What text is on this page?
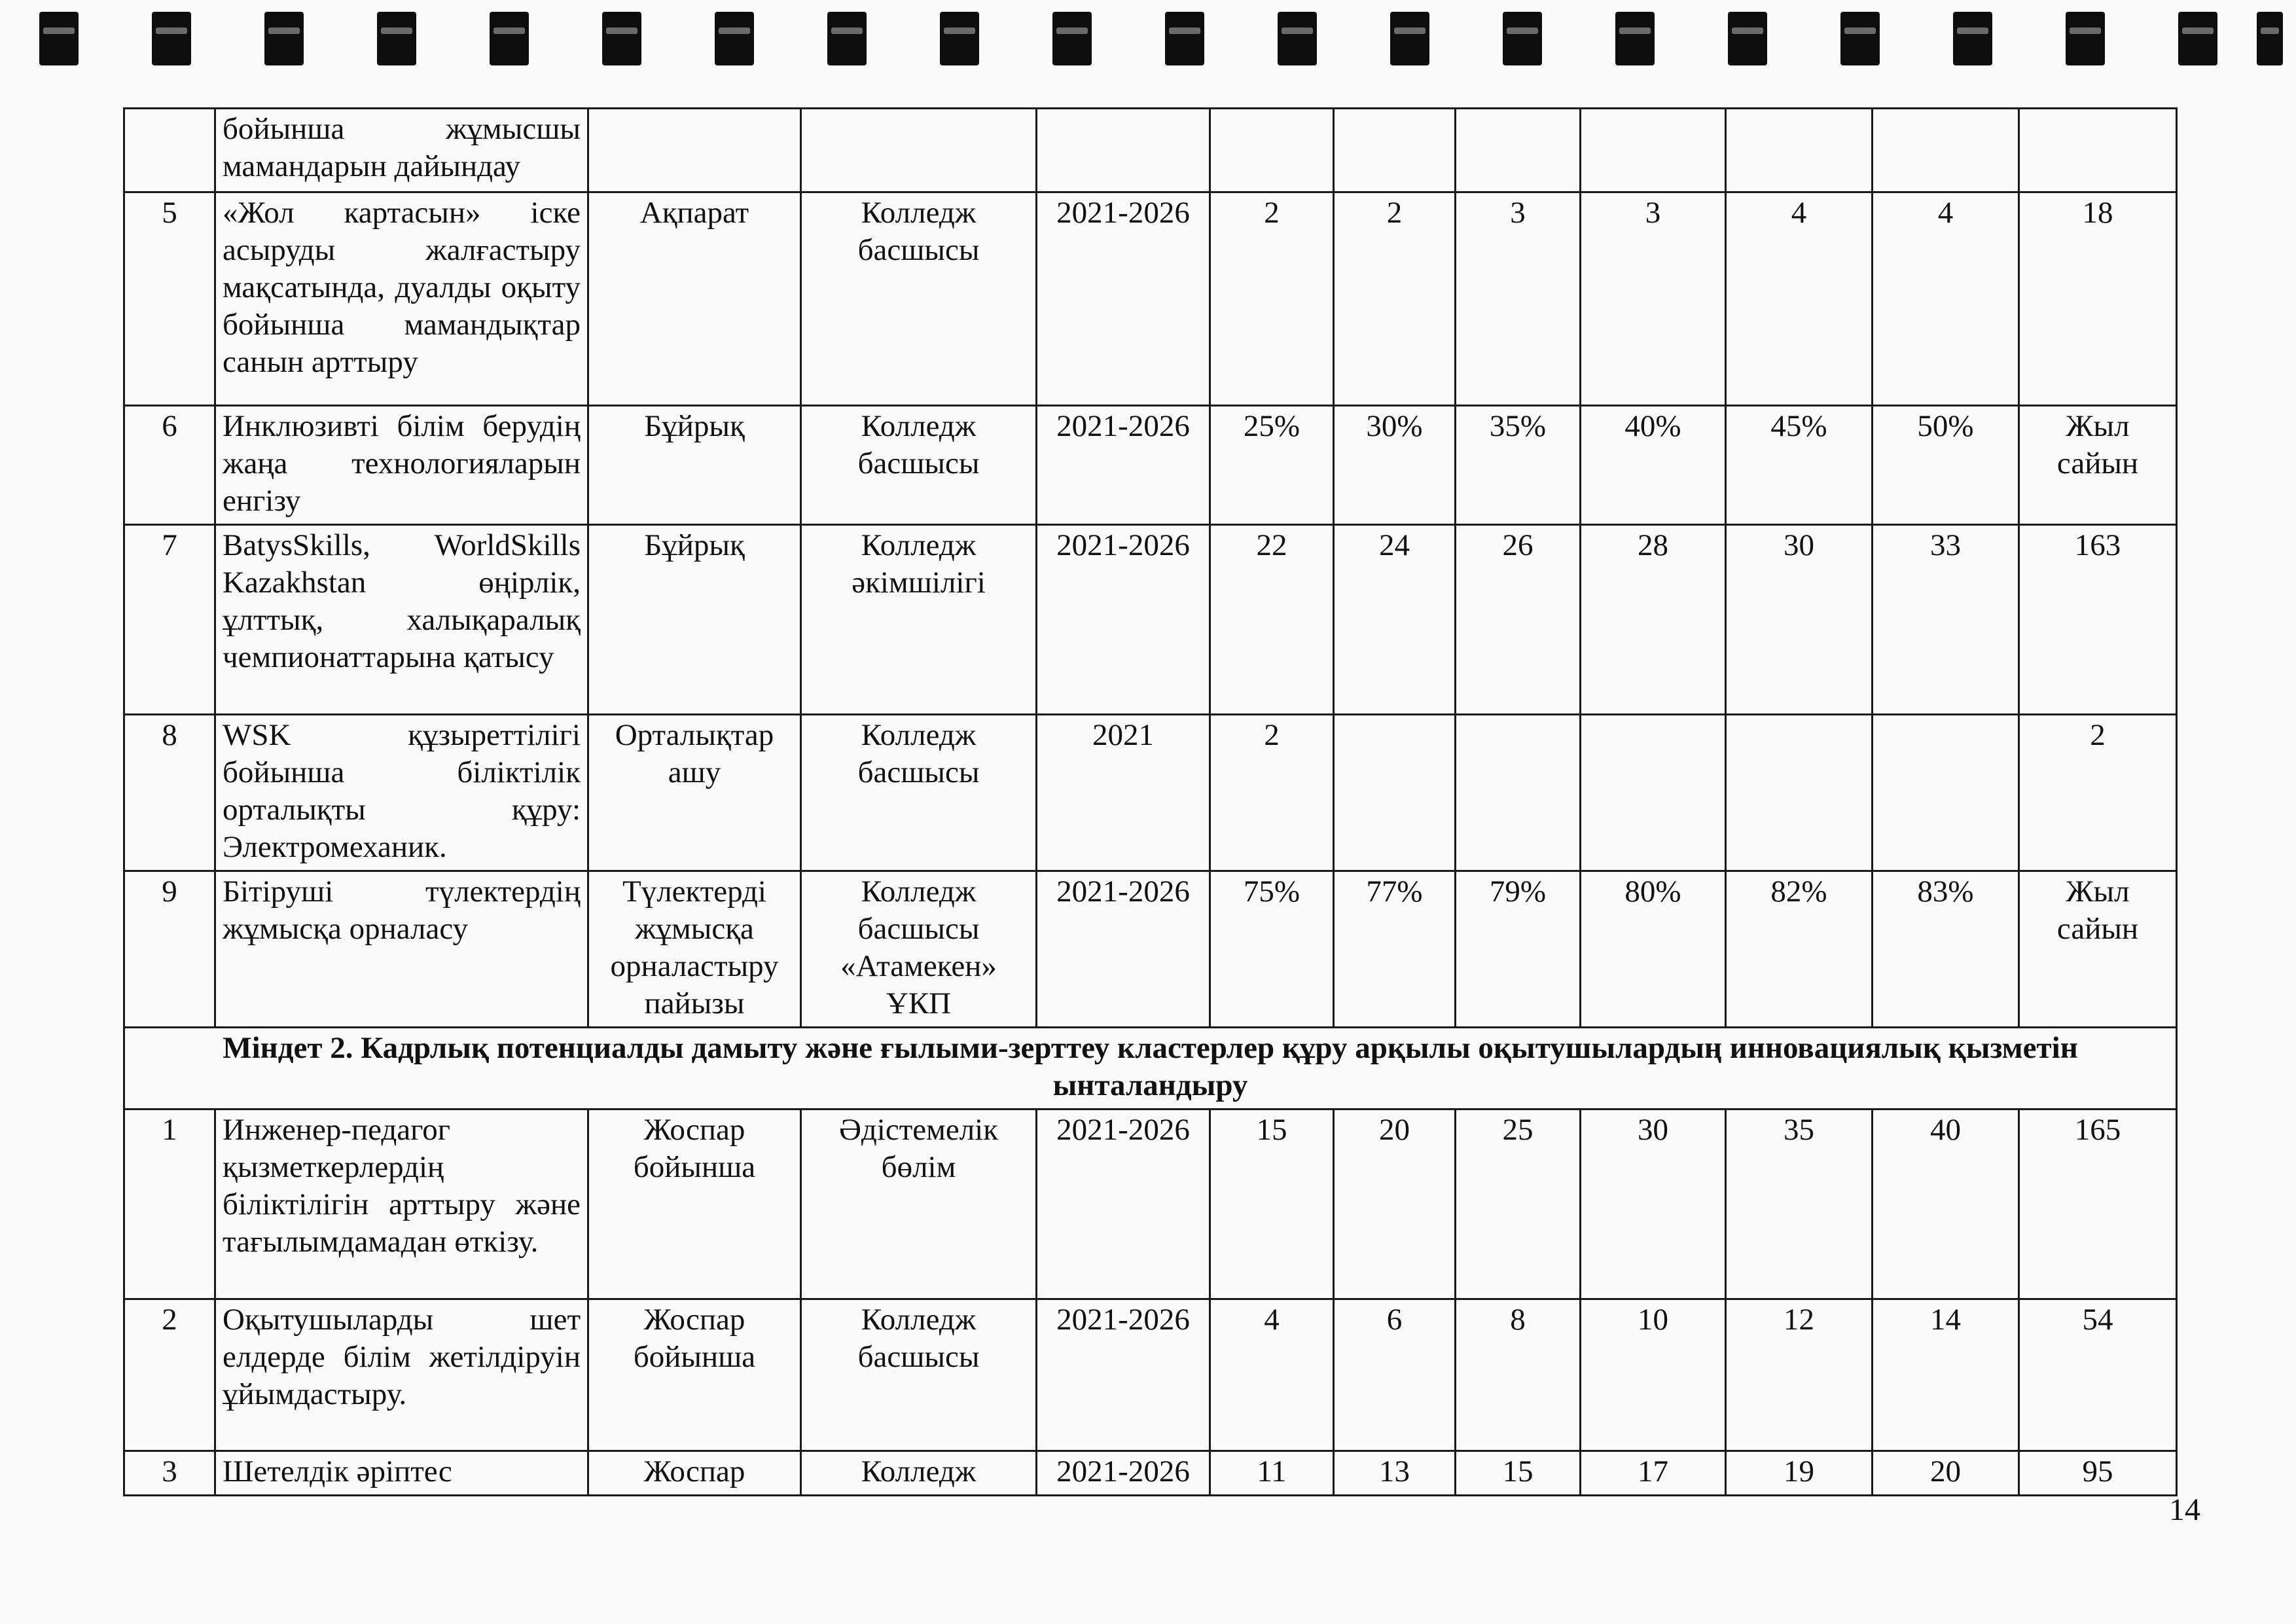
	бойынша жұмысшы мамандарын дайындау										
5	«Жол картасын» іске асыруды жалғастыру мақсатында, дуалды оқыту бойынша мамандықтар санын арттыру	Ақпарат	Колледж басшысы	2021-2026	2	2	3	3	4	4	18
6	Инклюзивті білім берудің жаңа технологияларын енгізу	Бұйрық	Колледж басшысы	2021-2026	25%	30%	35%	40%	45%	50%	Жыл сайын
7	BatysSkills, WorldSkills Kazakhstan өңірлік, ұлттық, халықаралық чемпионаттарына қатысу	Бұйрық	Колледж әкімшілігі	2021-2026	22	24	26	28	30	33	163
8	WSK құзыреттілігі бойынша біліктілік орталықты құру: Электромеханик.	Орталықтар ашу	Колледж басшысы	2021	2						2
9	Бітіруші түлектердің жұмысқа орналасу	Түлектерді жұмысқа орналастыру пайызы	Колледж басшысы «Атамекен» ҰКП	2021-2026	75%	77%	79%	80%	82%	83%	Жыл сайын
Міндет 2. Кадрлық потенциалды дамыту және ғылыми-зерттеу кластерлер құру арқылы оқытушылардың инновациялық қызметін ынталандыру											
1	Инженер-педагог қызметкерлердің біліктілігін арттыру және тағылымдамадан өткізу.	Жоспар бойынша	Әдістемелік бөлім	2021-2026	15	20	25	30	35	40	165
2	Оқытушыларды шет елдерде білім жетілдіруін ұйымдастыру.	Жоспар бойынша	Колледж басшысы	2021-2026	4	6	8	10	12	14	54
3	Шетелдік әріптес	Жоспар	Колледж	2021-2026	11	13	15	17	19	20	95
14
